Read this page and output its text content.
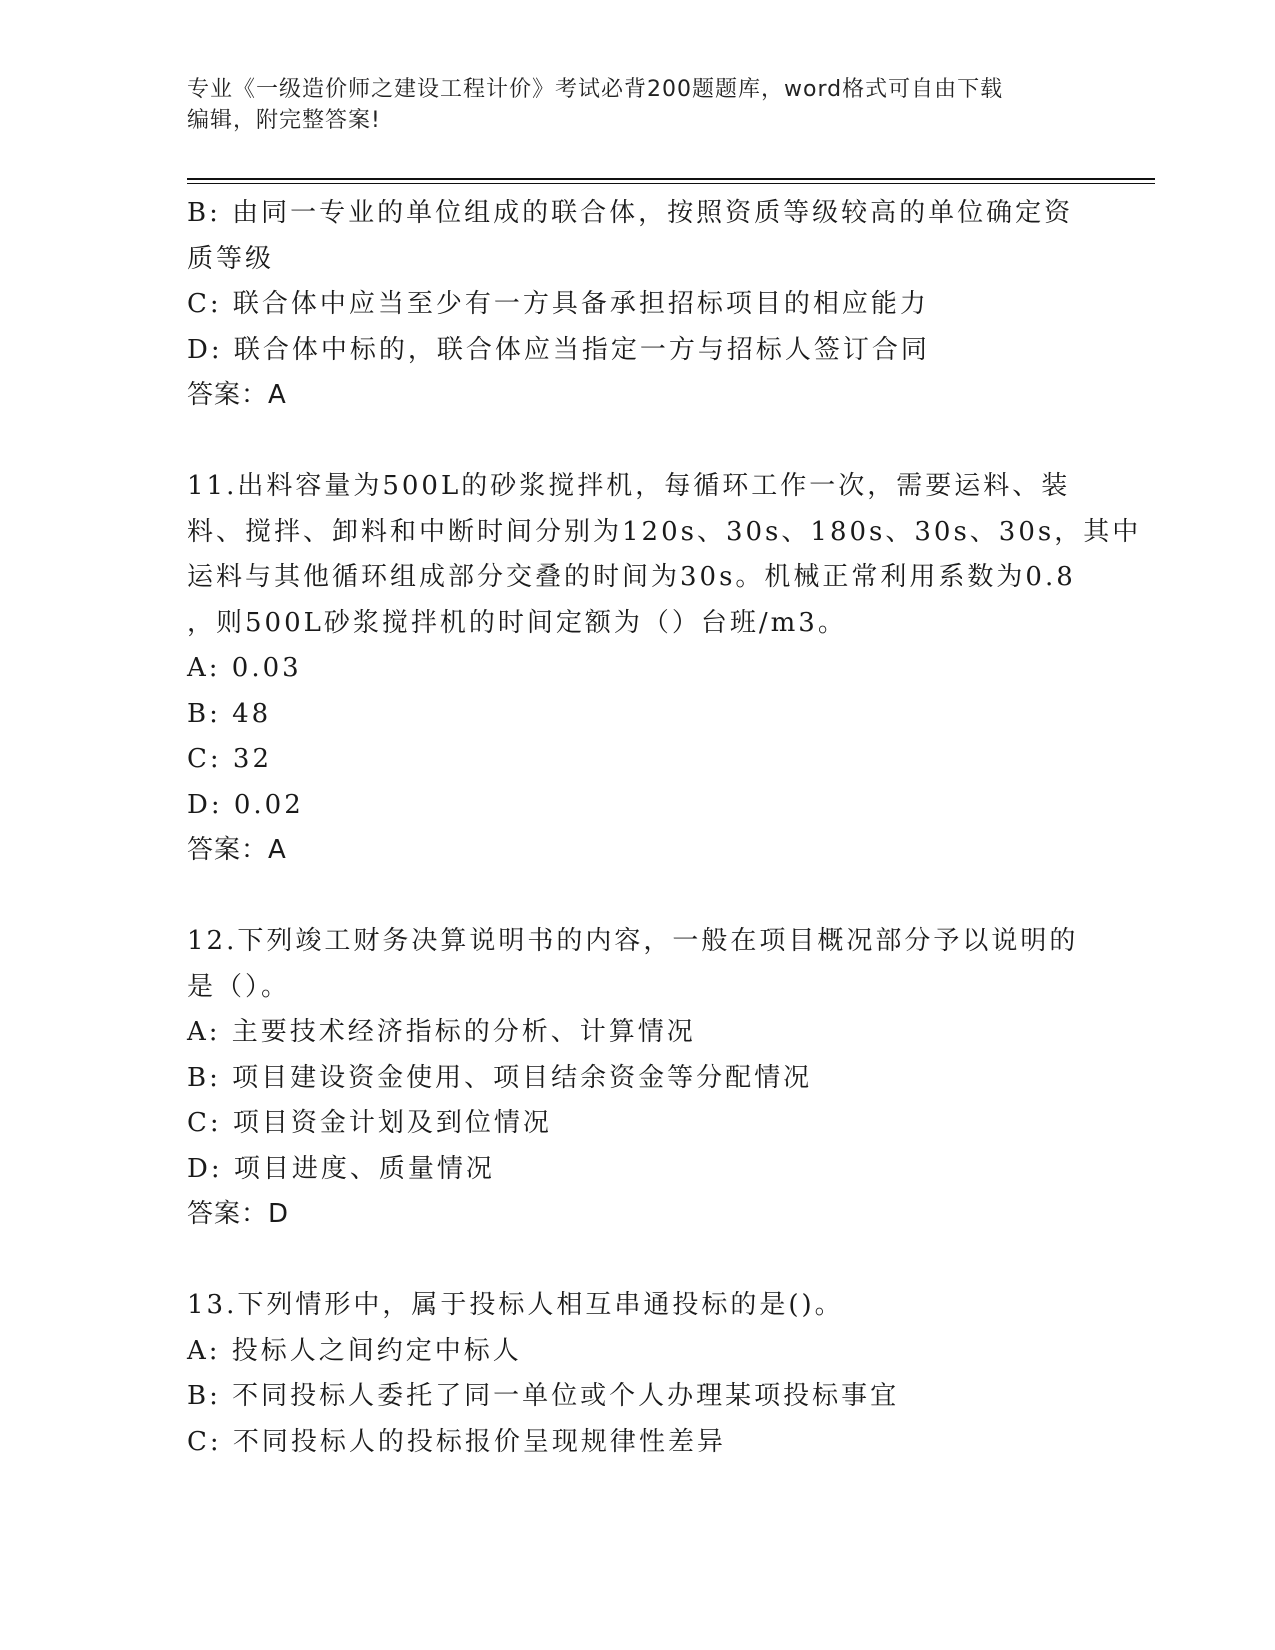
专业《一级造价师之建设工程计价》考试必背200题题库，word格式可自由下载
编辑，附完整答案!
B: 由同一专业的单位组成的联合体，按照资质等级较高的单位确定资
质等级
C: 联合体中应当至少有一方具备承担招标项目的相应能力
D: 联合体中标的，联合体应当指定一方与招标人签订合同
答案：A
11.出料容量为500L的砂浆搅拌机，每循环工作一次，需要运料、装
料、搅拌、卸料和中断时间分别为120s、30s、180s、30s、30s，其中
运料与其他循环组成部分交叠的时间为30s。机械正常利用系数为0.8
，则500L砂浆搅拌机的时间定额为（）台班/m3。
A: 0.03
B: 48
C: 32
D: 0.02
答案：A
12.下列竣工财务决算说明书的内容，一般在项目概况部分予以说明的
是（）。
A: 主要技术经济指标的分析、计算情况
B: 项目建设资金使用、项目结余资金等分配情况
C: 项目资金计划及到位情况
D: 项目进度、质量情况
答案：D
13.下列情形中，属于投标人相互串通投标的是()。
A: 投标人之间约定中标人
B: 不同投标人委托了同一单位或个人办理某项投标事宜
C: 不同投标人的投标报价呈现规律性差异
